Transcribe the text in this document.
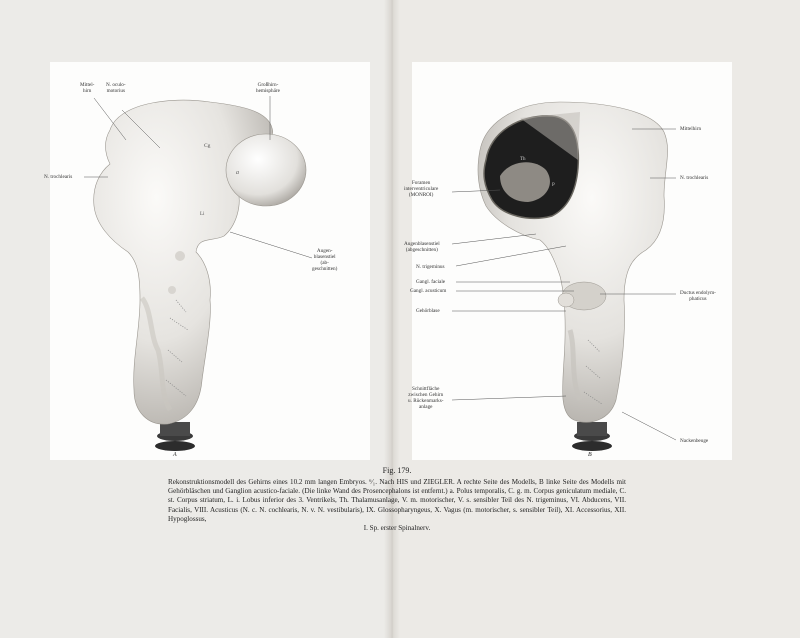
Cg
a
Li
Th
P
Mittel-
hirn
N. oculo-
motorius
Großhirn-
hemisphäre
N. trochlearis
Augen-
blasenstiel
(ab-
geschnitten)
A
Mittelhirn
N. trochlearis
Foramen
interventriculare
(MONROI)
Augenblasenstiel
(abgeschnitten)
N. trigeminus
Gangl. faciale
Gangl. acusticum	Ductus endolym-
phaticus
Gehörblase
Schnittfläche
zwischen Gehirn
u. Rückenmarks-
anlage
Nackenbeuge
B
Fig. 179.
Rekonstruktionsmodell des Gehirns eines 10.2 mm langen Embryos. ⁶⁄₁. Nach HIS und ZIEGLER. A rechte Seite des Modells, B linke Seite des Modells mit Gehörbläschen und Ganglion acustico-faciale. (Die linke Wand des Prosencephalons ist entfernt.) a. Polus temporalis, C. g. m. Corpus geniculatum mediale, C. st. Corpus striatum, L. i. Lobus inferior des 3. Ventrikels, Th. Thalamusanlage, V. m. motorischer, V. s. sensibler Teil des N. trigeminus, VI. Abducens, VII. Facialis, VIII. Acusticus (N. c. N. cochlearis, N. v. N. vestibularis), IX. Glossopharyngeus, X. Vagus (m. motorischer, s. sensibler Teil), XI. Accessorius, XII. Hypoglossus,
I. Sp. erster Spinalnerv.
